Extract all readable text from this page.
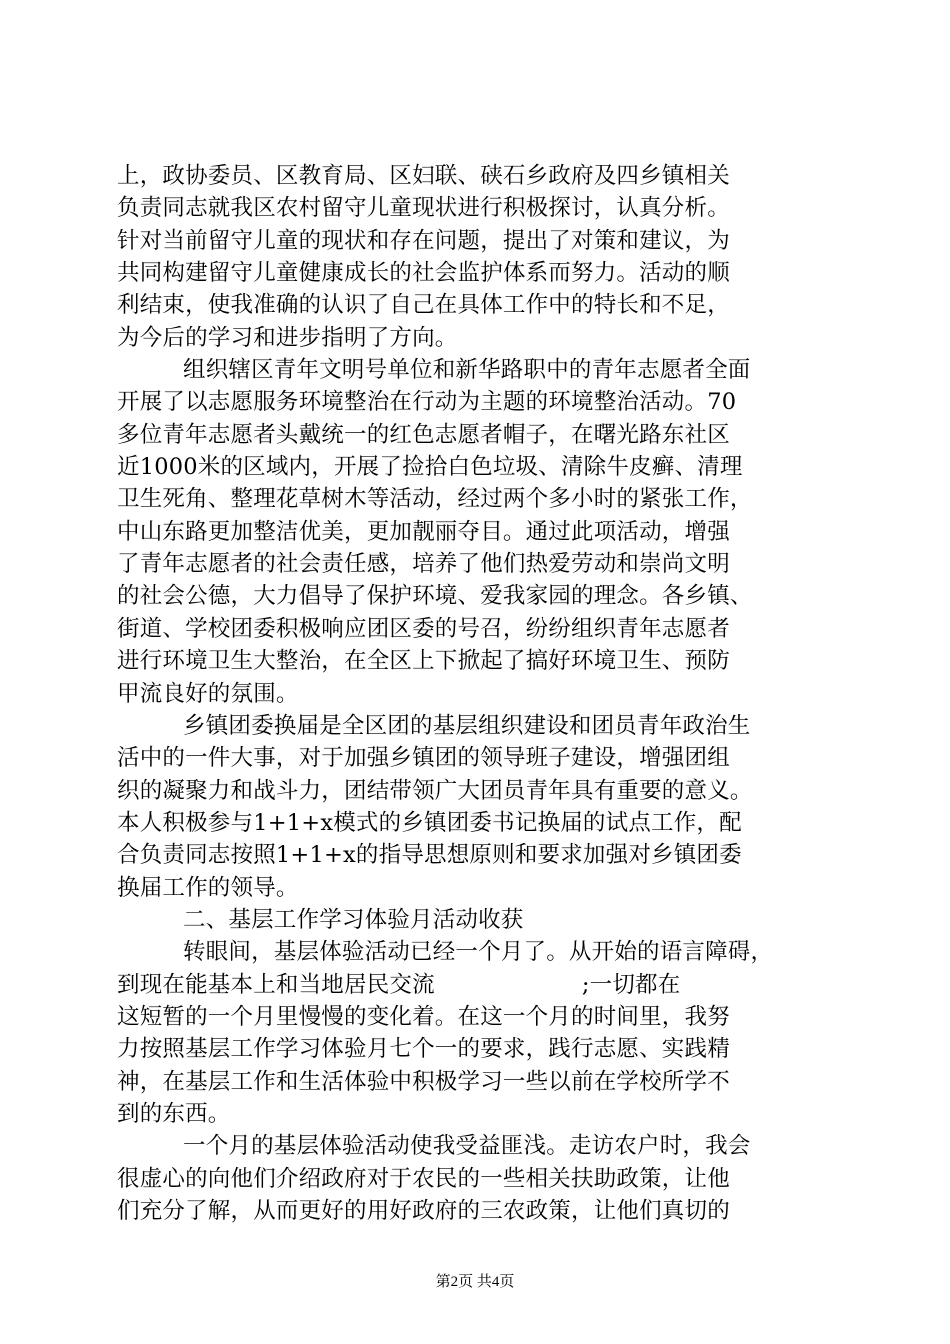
上，政协委员、区教育局、区妇联、硖石乡政府及四乡镇相关
负责同志就我区农村留守儿童现状进行积极探讨，认真分析。
针对当前留守儿童的现状和存在问题，提出了对策和建议，为
共同构建留守儿童健康成长的社会监护体系而努力。活动的顺
利结束，使我准确的认识了自己在具体工作中的特长和不足，
为今后的学习和进步指明了方向。
组织辖区青年文明号单位和新华路职中的青年志愿者全面
开展了以志愿服务环境整治在行动为主题的环境整治活动。70
多位青年志愿者头戴统一的红色志愿者帽子，在曙光路东社区
近1000米的区域内，开展了捡拾白色垃圾、清除牛皮癣、清理
卫生死角、整理花草树木等活动，经过两个多小时的紧张工作，
中山东路更加整洁优美，更加靓丽夺目。通过此项活动，增强
了青年志愿者的社会责任感，培养了他们热爱劳动和崇尚文明
的社会公德，大力倡导了保护环境、爱我家园的理念。各乡镇、
街道、学校团委积极响应团区委的号召，纷纷组织青年志愿者
进行环境卫生大整治，在全区上下掀起了搞好环境卫生、预防
甲流良好的氛围。
乡镇团委换届是全区团的基层组织建设和团员青年政治生
活中的一件大事，对于加强乡镇团的领导班子建设，增强团组
织的凝聚力和战斗力，团结带领广大团员青年具有重要的意义。
本人积极参与1+1+x模式的乡镇团委书记换届的试点工作，配
合负责同志按照1+1+x的指导思想原则和要求加强对乡镇团委
换届工作的领导。
二、基层工作学习体验月活动收获
转眼间，基层体验活动已经一个月了。从开始的语言障碍，
到现在能基本上和当地居民交流                    ;一切都在
这短暂的一个月里慢慢的变化着。在这一个月的时间里，我努
力按照基层工作学习体验月七个一的要求，践行志愿、实践精
神，在基层工作和生活体验中积极学习一些以前在学校所学不
到的东西。
一个月的基层体验活动使我受益匪浅。走访农户时，我会
很虚心的向他们介绍政府对于农民的一些相关扶助政策，让他
们充分了解，从而更好的用好政府的三农政策，让他们真切的
第2页 共4页
